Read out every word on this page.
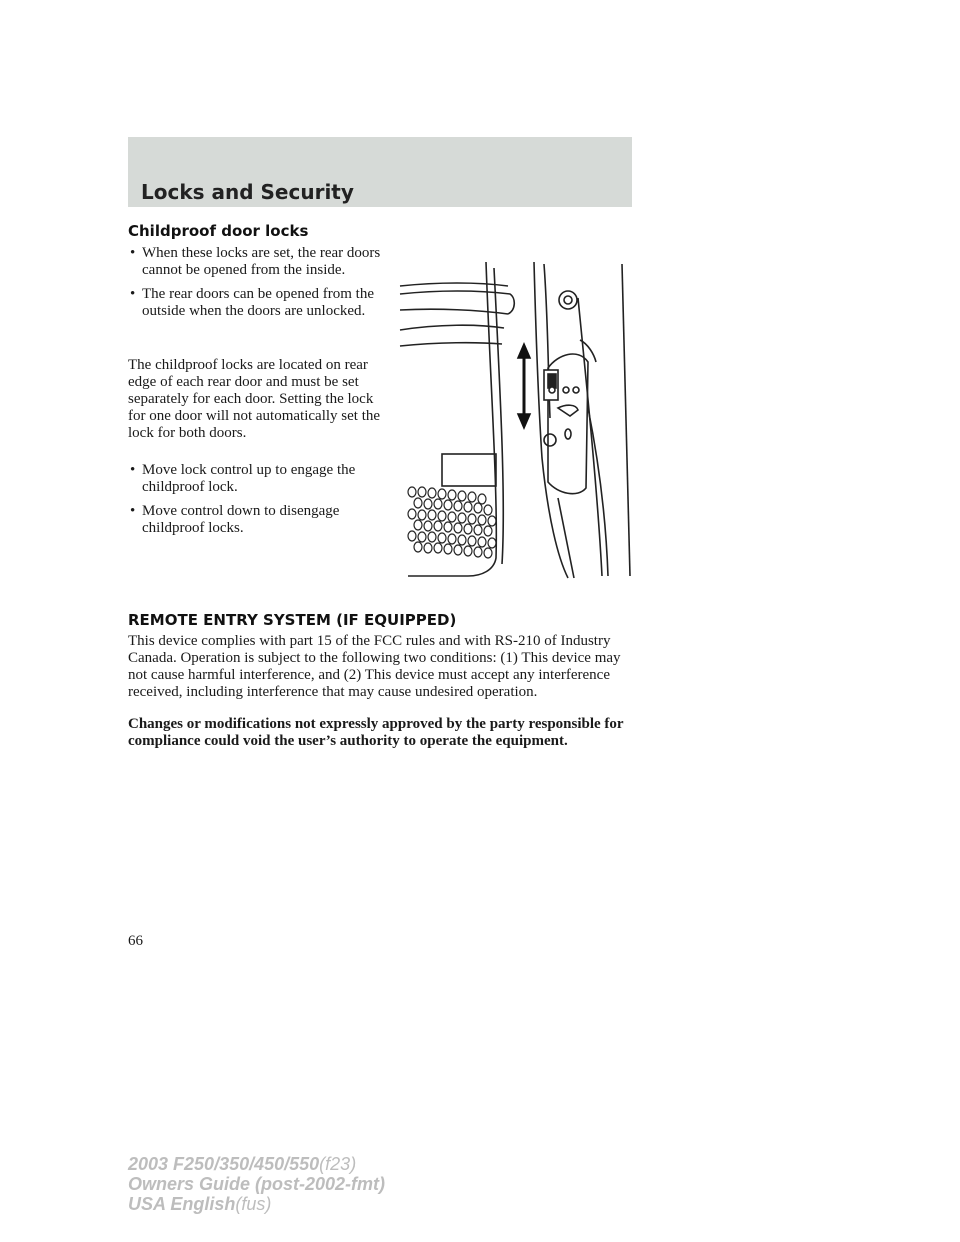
Locks and Security
Childproof door locks
• When these locks are set, the rear doors cannot be opened from the inside.
• The rear doors can be opened from the outside when the doors are unlocked.

The childproof locks are located on rear edge of each rear door and must be set separately for each door. Setting the lock for one door will not automatically set the lock for both doors.

• Move lock control up to engage the childproof lock.
• Move control down to disengage childproof locks.
REMOTE ENTRY SYSTEM (IF EQUIPPED)

This device complies with part 15 of the FCC rules and with RS-210 of Industry Canada. Operation is subject to the following two conditions: (1) This device may not cause harmful interference, and (2) This device must accept any interference received, including interference that may cause undesired operation.

Changes or modifications not expressly approved by the party responsible for compliance could void the user’s authority to operate the equipment.

66

2003 F250/350/450/550(f23)
Owners Guide (post-2002-fmt)
USA English(fus)
